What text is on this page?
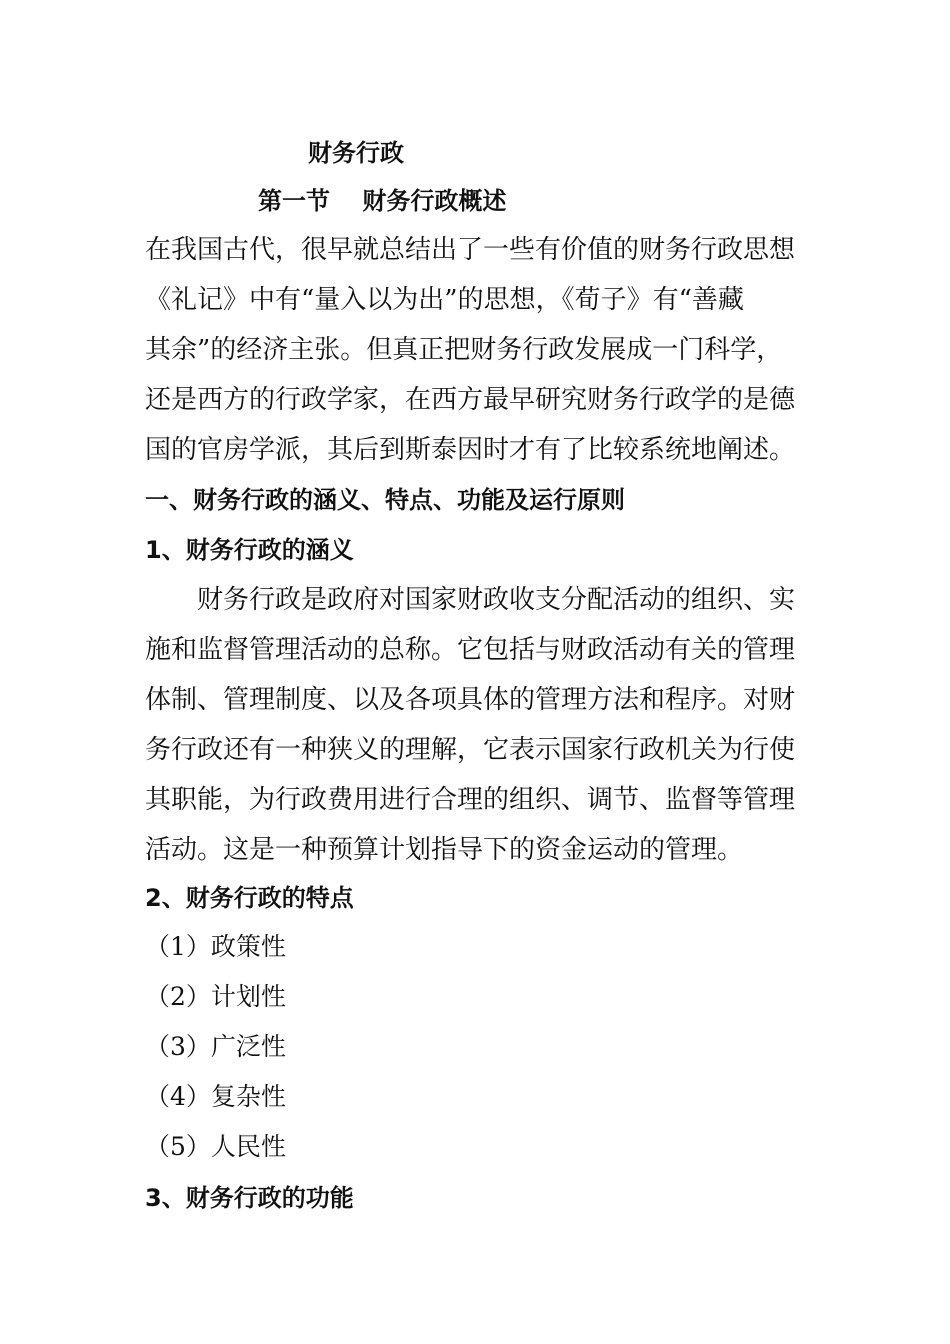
财务行政
第一节　 财务行政概述
在我国古代，很早就总结出了一些有价值的财务行政思想
《礼记》中有“量入以为出”的思想，《荀子》有“善藏
其余”的经济主张。但真正把财务行政发展成一门科学，
还是西方的行政学家，在西方最早研究财务行政学的是德
国的官房学派，其后到斯泰因时才有了比较系统地阐述。
一、财务行政的涵义、特点、功能及运行原则
1、财务行政的涵义
　　财务行政是政府对国家财政收支分配活动的组织、实
施和监督管理活动的总称。它包括与财政活动有关的管理
体制、管理制度、以及各项具体的管理方法和程序。对财
务行政还有一种狭义的理解，它表示国家行政机关为行使
其职能，为行政费用进行合理的组织、调节、监督等管理
活动。这是一种预算计划指导下的资金运动的管理。
2、财务行政的特点
（1）政策性
（2）计划性
（3）广泛性
（4）复杂性
（5）人民性
3、财务行政的功能
